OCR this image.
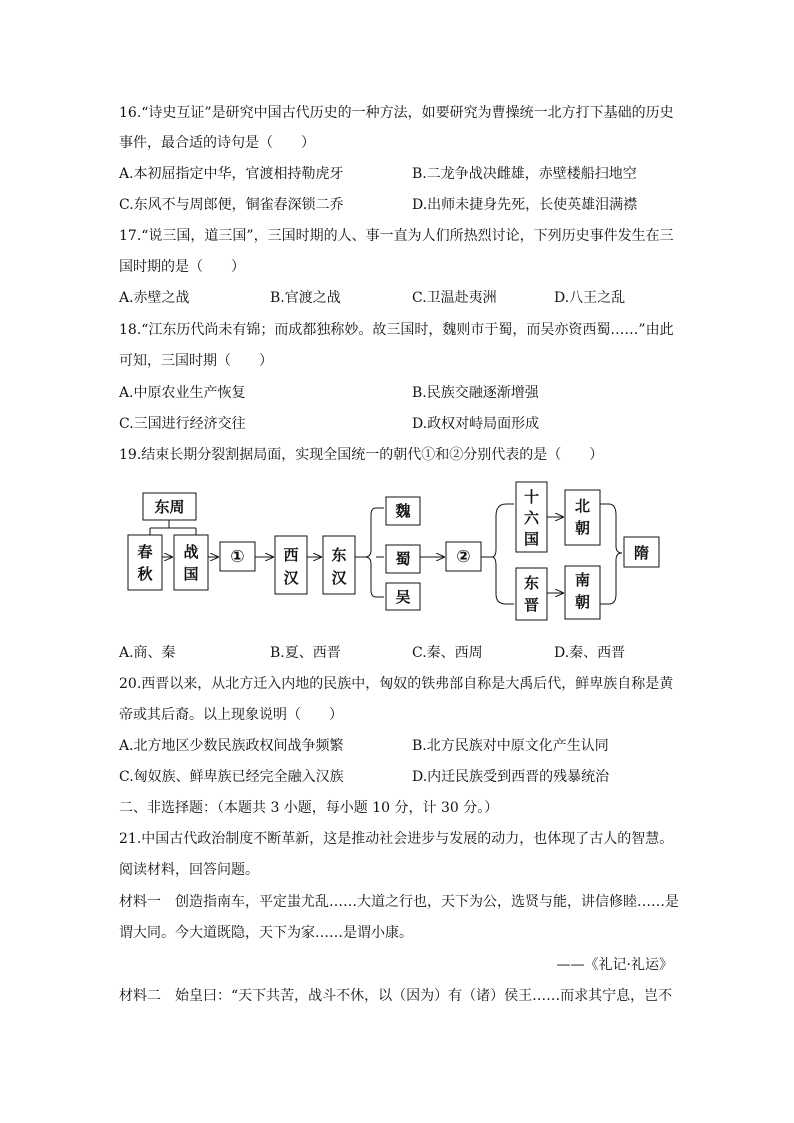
16.“诗史互证”是研究中国古代历史的一种方法，如要研究为曹操统一北方打下基础的历史
事件，最合适的诗句是（　　）
A.本初屈指定中华，官渡相持勒虎牙	B.二龙争战决雌雄，赤壁楼船扫地空
C.东风不与周郎便，铜雀春深锁二乔	D.出师未捷身先死，长使英雄泪满襟
17.“说三国，道三国”，三国时期的人、事一直为人们所热烈讨论，下列历史事件发生在三
国时期的是（　　）
A.赤壁之战	B.官渡之战	C.卫温赴夷洲	D.八王之乱
18.“江东历代尚未有锦；而成都独称妙。故三国时，魏则市于蜀，而吴亦资西蜀……”由此
可知，三国时期（　　）
A.中原农业生产恢复	B.民族交融逐渐增强
C.三国进行经济交往	D.政权对峙局面形成
19.结束长期分裂割据局面，实现全国统一的朝代①和②分别代表的是（　　）
东周
春
秋
战
国
①	西
汉
东
汉
魏
蜀
吴
②
十
六
国
北
朝
东
晋
南
朝
隋
A.商、秦	B.夏、西晋	C.秦、西周	D.秦、西晋
20.西晋以来，从北方迁入内地的民族中，匈奴的铁弗部自称是大禹后代，鲜卑族自称是黄
帝或其后裔。以上现象说明（　　）
A.北方地区少数民族政权间战争频繁	B.北方民族对中原文化产生认同
C.匈奴族、鲜卑族已经完全融入汉族	D.内迁民族受到西晋的残暴统治
二、非选择题：（本题共 3 小题，每小题 10 分，计 30 分。）
21.中国古代政治制度不断革新，这是推动社会进步与发展的动力，也体现了古人的智慧。
阅读材料，回答问题。
材料一　创造指南车，平定蚩尤乱……大道之行也，天下为公，选贤与能，讲信修睦……是
谓大同。今大道既隐，天下为家……是谓小康。
——《礼记·礼运》
材料二　始皇曰：“天下共苦，战斗不休，以（因为）有（诸）侯王……而求其宁息，岂不
